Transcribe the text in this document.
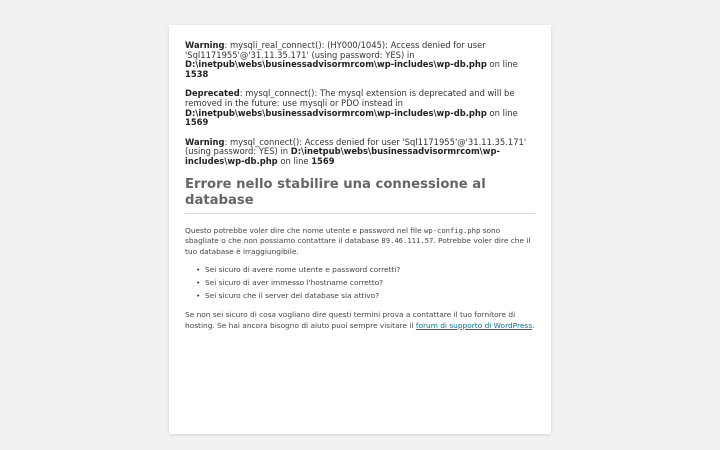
Warning: mysqli_real_connect(): (HY000/1045): Access denied for user 'Sql1171955'@'31.11.35.171' (using password: YES) in D:\inetpub\webs\businessadvisormrcom\wp-includes\wp-db.php on line 1538

Deprecated: mysql_connect(): The mysql extension is deprecated and will be removed in the future: use mysqli or PDO instead in D:\inetpub\webs\businessadvisormrcom\wp-includes\wp-db.php on line 1569

Warning: mysql_connect(): Access denied for user 'Sql1171955'@'31.11.35.171' (using password: YES) in D:\inetpub\webs\businessadvisormrcom\wp-includes\wp-db.php on line 1569

Errore nello stabilire una connessione al database

Questo potrebbe voler dire che nome utente e password nel file wp-config.php sono sbagliate o che non possiamo contattare il database 89.46.111.57. Potrebbe voler dire che il tuo database è irraggiungibile.

• Sei sicuro di avere nome utente e password corretti?
• Sei sicuro di aver immesso l'hostname corretto?
• Sei sicuro che il server del database sia attivo?

Se non sei sicuro di cosa vogliano dire questi termini prova a contattare il tuo fornitore di hosting. Se hai ancora bisogno di aiuto puoi sempre visitare il forum di supporto di WordPress.
